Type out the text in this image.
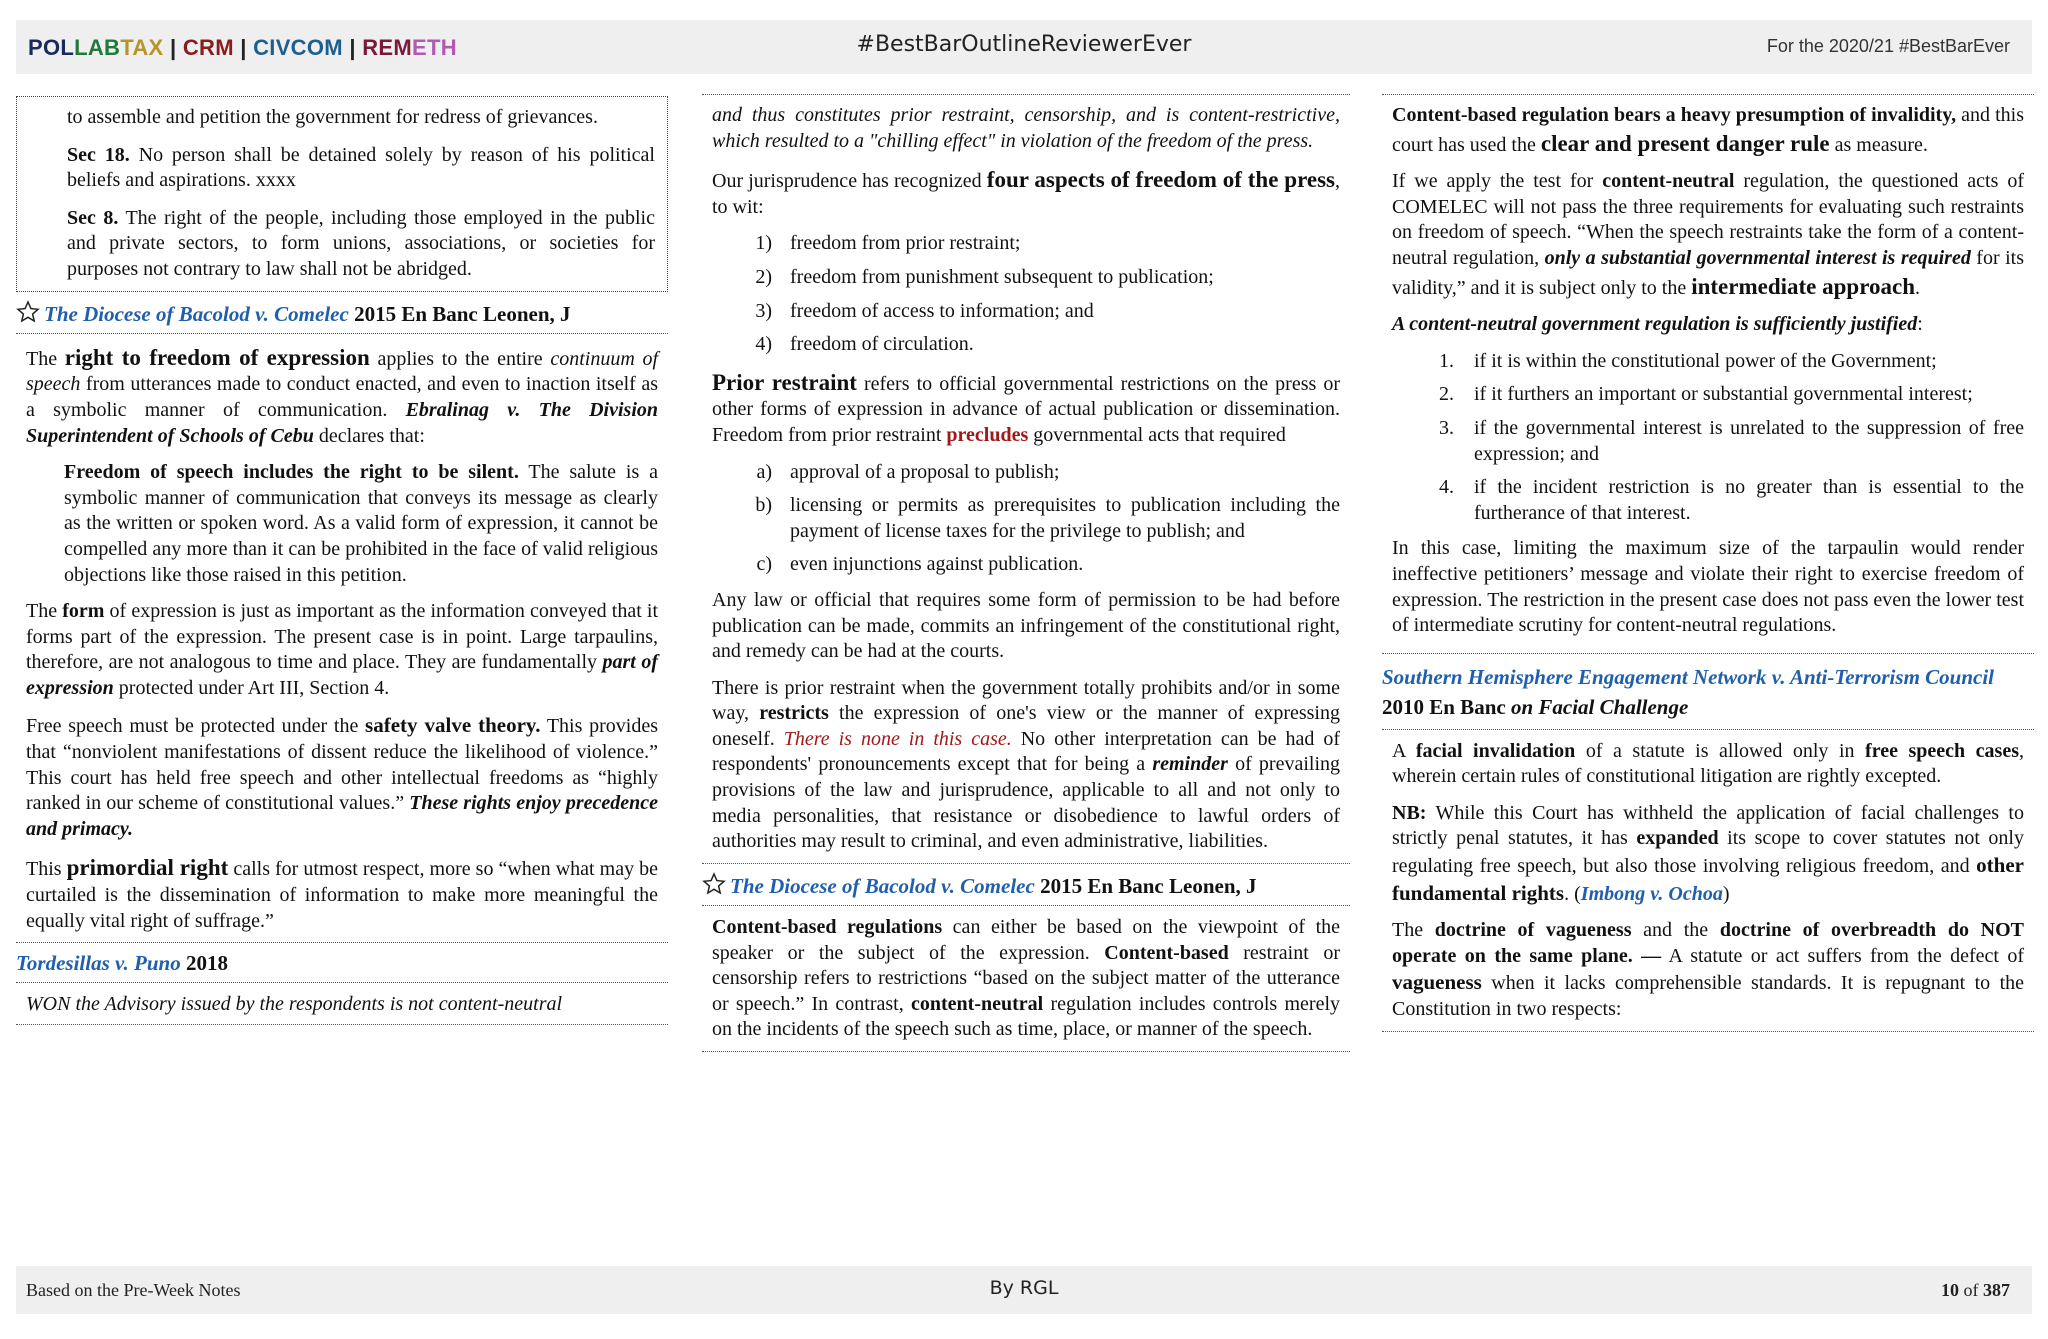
POLLABTAX | CRM | CIVCOM | REMETH	#BestBarOutlineReviewerEver	For the 2020/21 #BestBarEver

to assemble and petition the government for redress of grievances.

Sec 18. No person shall be detained solely by reason of his political beliefs and aspirations. xxxx

Sec 8. The right of the people, including those employed in the public and private sectors, to form unions, associations, or societies for purposes not contrary to law shall not be abridged.

The Diocese of Bacolod v. Comelec 2015 En Banc Leonen, J

The right to freedom of expression applies to the entire continuum of speech from utterances made to conduct enacted, and even to inaction itself as a symbolic manner of communication. Ebralinag v. The Division Superintendent of Schools of Cebu declares that:

Freedom of speech includes the right to be silent. The salute is a symbolic manner of communication that conveys its message as clearly as the written or spoken word. As a valid form of expression, it cannot be compelled any more than it can be prohibited in the face of valid religious objections like those raised in this petition.

The form of expression is just as important as the information conveyed that it forms part of the expression. The present case is in point. Large tarpaulins, therefore, are not analogous to time and place. They are fundamentally part of expression protected under Art III, Section 4.

Free speech must be protected under the safety valve theory. This provides that “nonviolent manifestations of dissent reduce the likelihood of violence.” This court has held free speech and other intellectual freedoms as “highly ranked in our scheme of constitutional values.” These rights enjoy precedence and primacy.

This primordial right calls for utmost respect, more so “when what may be curtailed is the dissemination of information to make more meaningful the equally vital right of suffrage.”

Tordesillas v. Puno 2018

WON the Advisory issued by the respondents is not content-neutral

and thus constitutes prior restraint, censorship, and is content-restrictive, which resulted to a "chilling effect" in violation of the freedom of the press.

Our jurisprudence has recognized four aspects of freedom of the press, to wit:

1) freedom from prior restraint;
2) freedom from punishment subsequent to publication;
3) freedom of access to information; and
4) freedom of circulation.

Prior restraint refers to official governmental restrictions on the press or other forms of expression in advance of actual publication or dissemination. Freedom from prior restraint precludes governmental acts that required

a) approval of a proposal to publish;
b) licensing or permits as prerequisites to publication including the payment of license taxes for the privilege to publish; and
c) even injunctions against publication.

Any law or official that requires some form of permission to be had before publication can be made, commits an infringement of the constitutional right, and remedy can be had at the courts.

There is prior restraint when the government totally prohibits and/or in some way, restricts the expression of one's view or the manner of expressing oneself. There is none in this case. No other interpretation can be had of respondents' pronouncements except that for being a reminder of prevailing provisions of the law and jurisprudence, applicable to all and not only to media personalities, that resistance or disobedience to lawful orders of authorities may result to criminal, and even administrative, liabilities.

The Diocese of Bacolod v. Comelec 2015 En Banc Leonen, J

Content-based regulations can either be based on the viewpoint of the speaker or the subject of the expression. Content-based restraint or censorship refers to restrictions “based on the subject matter of the utterance or speech.” In contrast, content-neutral regulation includes controls merely on the incidents of the speech such as time, place, or manner of the speech.

Content-based regulation bears a heavy presumption of invalidity, and this court has used the clear and present danger rule as measure.

If we apply the test for content-neutral regulation, the questioned acts of COMELEC will not pass the three requirements for evaluating such restraints on freedom of speech. “When the speech restraints take the form of a content-neutral regulation, only a substantial governmental interest is required for its validity,” and it is subject only to the intermediate approach.

A content-neutral government regulation is sufficiently justified:

1.	if it is within the constitutional power of the Government;
2.	if it furthers an important or substantial governmental interest;
3.	if the governmental interest is unrelated to the suppression of free expression; and
4.	if the incident restriction is no greater than is essential to the furtherance of that interest.

In this case, limiting the maximum size of the tarpaulin would render ineffective petitioners’ message and violate their right to exercise freedom of expression. The restriction in the present case does not pass even the lower test of intermediate scrutiny for content-neutral regulations.

Southern Hemisphere Engagement Network v. Anti-Terrorism Council 2010 En Banc on Facial Challenge

A facial invalidation of a statute is allowed only in free speech cases, wherein certain rules of constitutional litigation are rightly excepted.

NB: While this Court has withheld the application of facial challenges to strictly penal statutes, it has expanded its scope to cover statutes not only regulating free speech, but also those involving religious freedom, and other fundamental rights. (Imbong v. Ochoa)

The doctrine of vagueness and the doctrine of overbreadth do NOT operate on the same plane. — A statute or act suffers from the defect of vagueness when it lacks comprehensible standards. It is repugnant to the Constitution in two respects:

Based on the Pre-Week Notes	By RGL	10 of 387
